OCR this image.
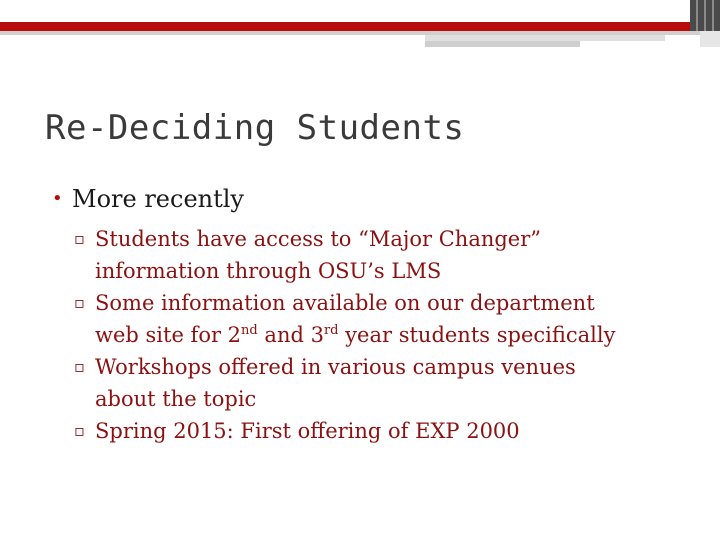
Re-Deciding Students
• More recently
▫ Students have access to “Major Changer”
information through OSU’s LMS
▫ Some information available on our department
web site for 2nd and 3rd year students specifically
▫ Workshops offered in various campus venues
about the topic
▫ Spring 2015: First offering of EXP 2000
